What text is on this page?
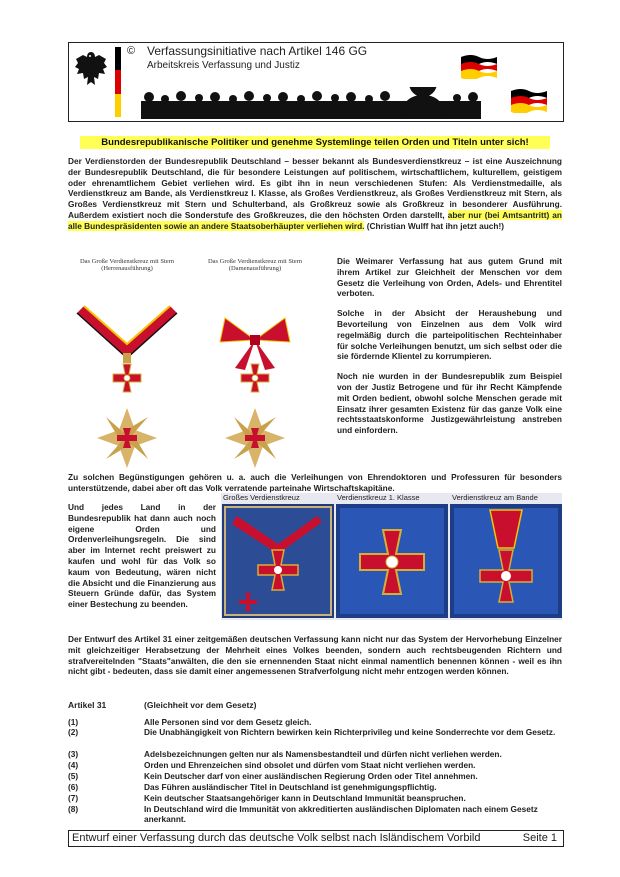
© Verfassungsinitiative nach Artikel 146 GG
Arbeitskreis Verfassung und Justiz
Bundesrepublikanische Politiker und genehme Systemlinge teilen Orden und Titeln unter sich!
Der Verdienstorden der Bundesrepublik Deutschland – besser bekannt als Bundesverdienstkreuz – ist eine Auszeichnung der Bundesrepublik Deutschland, die für besondere Leistungen auf politischem, wirtschaftlichem, kulturellem, geistigem oder ehrenamtlichem Gebiet verliehen wird. Es gibt ihn in neun verschiedenen Stufen: Als Verdienstmedaille, als Verdienstkreuz am Bande, als Verdienstkreuz I. Klasse, als Großes Verdienstkreuz, als Großes Verdienstkreuz mit Stern, als Großes Verdienstkreuz mit Stern und Schulterband, als Großkreuz sowie als Großkreuz in besonderer Ausführung. Außerdem existiert noch die Sonderstufe des Großkreuzes, die den höchsten Orden darstellt, aber nur (bei Amtsantritt) an alle Bundespräsidenten sowie an andere Staatsoberhäupter verliehen wird. (Christian Wulff hat ihn jetzt auch!)
Das Große Verdienstkreuz mit Stern
(Herrenausführung)
Das Große Verdienstkreuz mit Stern
(Damenausführung)

Die Weimarer Verfassung hat aus gutem Grund mit ihrem Artikel zur Gleichheit der Menschen vor dem Gesetz die Verleihung von Orden, Adels- und Ehrentitel verboten.

Solche in der Absicht der Heraushebung und Bevorteilung von Einzelnen aus dem Volk wird regelmäßig durch die parteipolitischen Rechteinhaber für solche Verleihungen benutzt, um sich selbst oder die sie fördernde Klientel zu korrumpieren.

Noch nie wurden in der Bundesrepublik zum Beispiel von der Justiz Betrogene und für ihr Recht Kämpfende mit Orden bedient, obwohl solche Menschen gerade mit Einsatz ihrer gesamten Existenz für das ganze Volk eine rechtsstaatskonforme Justizgewährleistung anstreben und einfordern.

Zu solchen Begünstigungen gehören u. a. auch die Verleihungen von Ehrendoktoren und Professuren für besonders unterstützende, dabei aber oft das Volk verratende parteinahe Wirtschaftskapitäne.
Und jedes Land in der Bundesrepublik hat dann auch noch eigene Orden und Ordenverleihungsregeln. Die sind aber im Internet recht preiswert zu kaufen und wohl für das Volk so kaum von Bedeutung, wären nicht die Absicht und die Finanzierung aus Steuern Gründe dafür, das System einer Bestechung zu beenden.
Großes Verdienstkreuz	Verdienstkreuz 1. Klasse	Verdienstkreuz am Bande
Der Entwurf des Artikel 31 einer zeitgemäßen deutschen Verfassung kann nicht nur das System der Hervorhebung Einzelner mit gleichzeitiger Herabsetzung der Mehrheit eines Volkes beenden, sondern auch rechtsbeugenden Richtern und strafvereitelnden "Staats"anwälten, die den sie ernennenden Staat nicht einmal namentlich benennen können - weil es ihn nicht gibt - bedeuten, dass sie damit einer angemessenen Strafverfolgung nicht mehr entzogen werden können.
Artikel 31	(Gleichheit vor dem Gesetz)
(1)	Alle Personen sind vor dem Gesetz gleich.
(2)	Die Unabhängigkeit von Richtern bewirken kein Richterprivileg und keine Sonderrechte vor dem Gesetz.
(3)	Adelsbezeichnungen gelten nur als Namensbestandteil und dürfen nicht verliehen werden.
(4)	Orden und Ehrenzeichen sind obsolet und dürfen vom Staat nicht verliehen werden.
(5)	Kein Deutscher darf von einer ausländischen Regierung Orden oder Titel annehmen.
(6)	Das Führen ausländischer Titel in Deutschland ist genehmigungspflichtig.
(7)	Kein deutscher Staatsangehöriger kann in Deutschland Immunität beanspruchen.
(8)	In Deutschland wird die Immunität von akkreditierten ausländischen Diplomaten nach einem Gesetz anerkannt.
Entwurf einer Verfassung durch das deutsche Volk selbst nach Isländischem Vorbild	Seite 1
